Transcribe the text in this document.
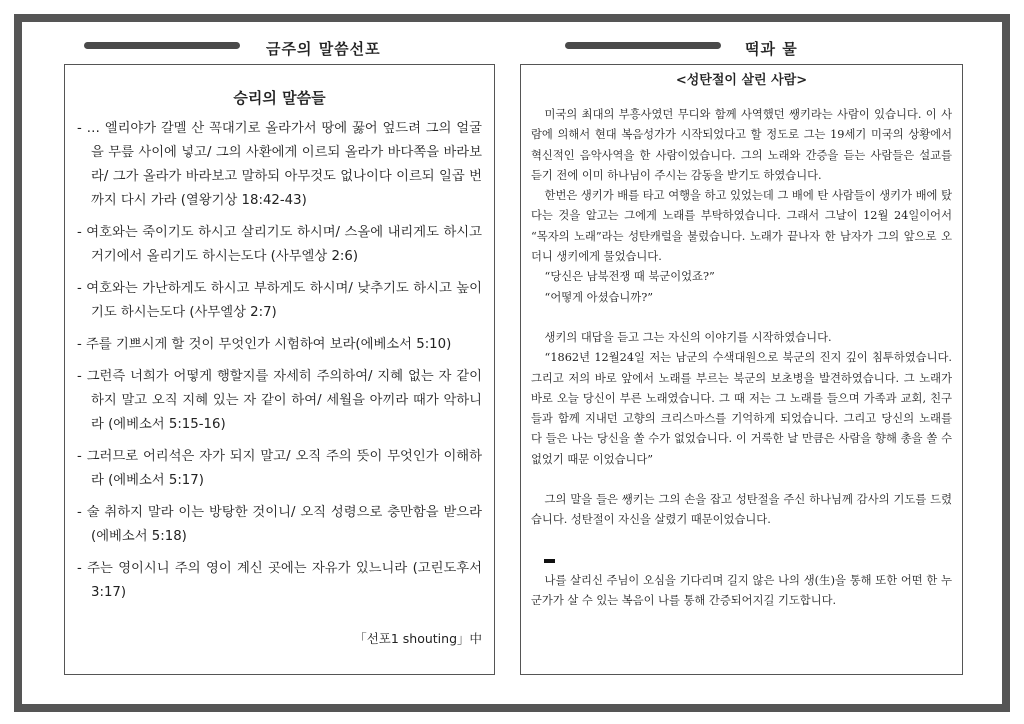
금주의 말씀선포	떡과 물
승리의 말씀들
- … 엘리야가 갈멜 산 꼭대기로 올라가서 땅에 꿇어 엎드려 그의 얼굴을 무릎 사이에 넣고/ 그의 사환에게 이르되 올라가 바다쪽을 바라보라/ 그가 올라가 바라보고 말하되 아무것도 없나이다 이르되 일곱 번까지 다시 가라 (열왕기상 18:42-43)
- 여호와는 죽이기도 하시고 살리기도 하시며/ 스올에 내리게도 하시고 거기에서 올리기도 하시는도다 (사무엘상 2:6)
- 여호와는 가난하게도 하시고 부하게도 하시며/ 낮추기도 하시고 높이기도 하시는도다 (사무엘상 2:7)
- 주를 기쁘시게 할 것이 무엇인가 시험하여 보라(에베소서 5:10)
- 그런즉 너희가 어떻게 행할지를 자세히 주의하여/ 지혜 없는 자 같이 하지 말고 오직 지혜 있는 자 같이 하여/ 세월을 아끼라 때가 악하니라 (에베소서 5:15-16)
- 그러므로 어리석은 자가 되지 말고/ 오직 주의 뜻이 무엇인가 이해하라 (에베소서 5:17)
- 술 취하지 말라 이는 방탕한 것이니/ 오직 성령으로 충만함을 받으라 (에베소서 5:18)
- 주는 영이시니 주의 영이 계신 곳에는 자유가 있느니라 (고린도후서 3:17)
「선포1 shouting」中
<성탄절이 살린 사람>

미국의 최대의 부흥사였던 무디와 함께 사역했던 쌩키라는 사람이 있습니다. 이 사람에 의해서 현대 복음성가가 시작되었다고 할 정도로 그는 19세기 미국의 상황에서 혁신적인 음악사역을 한 사람이었습니다. 그의 노래와 간증을 듣는 사람들은 설교를 듣기 전에 이미 하나님이 주시는 감동을 받기도 하였습니다.

한번은 생키가 배를 타고 여행을 하고 있었는데 그 배에 탄 사람들이 생키가 배에 탔다는 것을 알고는 그에게 노래를 부탁하였습니다. 그래서 그날이 12월 24일이어서 “목자의 노래”라는 성탄캐럴을 불렀습니다. 노래가 끝나자 한 남자가 그의 앞으로 오더니 생키에게 물었습니다.

“당신은 남북전쟁 때 북군이었죠?”

“어떻게 아셨습니까?”

생키의 대답을 듣고 그는 자신의 이야기를 시작하였습니다.

“1862년 12월24일 저는 남군의 수색대원으로 북군의 진지 깊이 침투하였습니다. 그리고 저의 바로 앞에서 노래를 부르는 북군의 보초병을 발견하였습니다. 그 노래가 바로 오늘 당신이 부른 노래였습니다. 그 때 저는 그 노래를 들으며 가족과 교회, 친구들과 함께 지내던 고향의 크리스마스를 기억하게 되었습니다. 그리고 당신의 노래를 다 들은 나는 당신을 쏠 수가 없었습니다. 이 거룩한 날 만큼은 사람을 향해 총을 쏠 수 없었기 때문 이었습니다”

그의 말을 들은 쌩키는 그의 손을 잡고 성탄절을 주신 하나님께 감사의 기도를 드렸습니다. 성탄절이 자신을 살렸기 때문이었습니다.

나를 살리신 주님이 오심을 기다리며 길지 않은 나의 생(生)을 통해 또한 어떤 한 누군가가 살 수 있는 복음이 나를 통해 간증되어지길 기도합니다.
